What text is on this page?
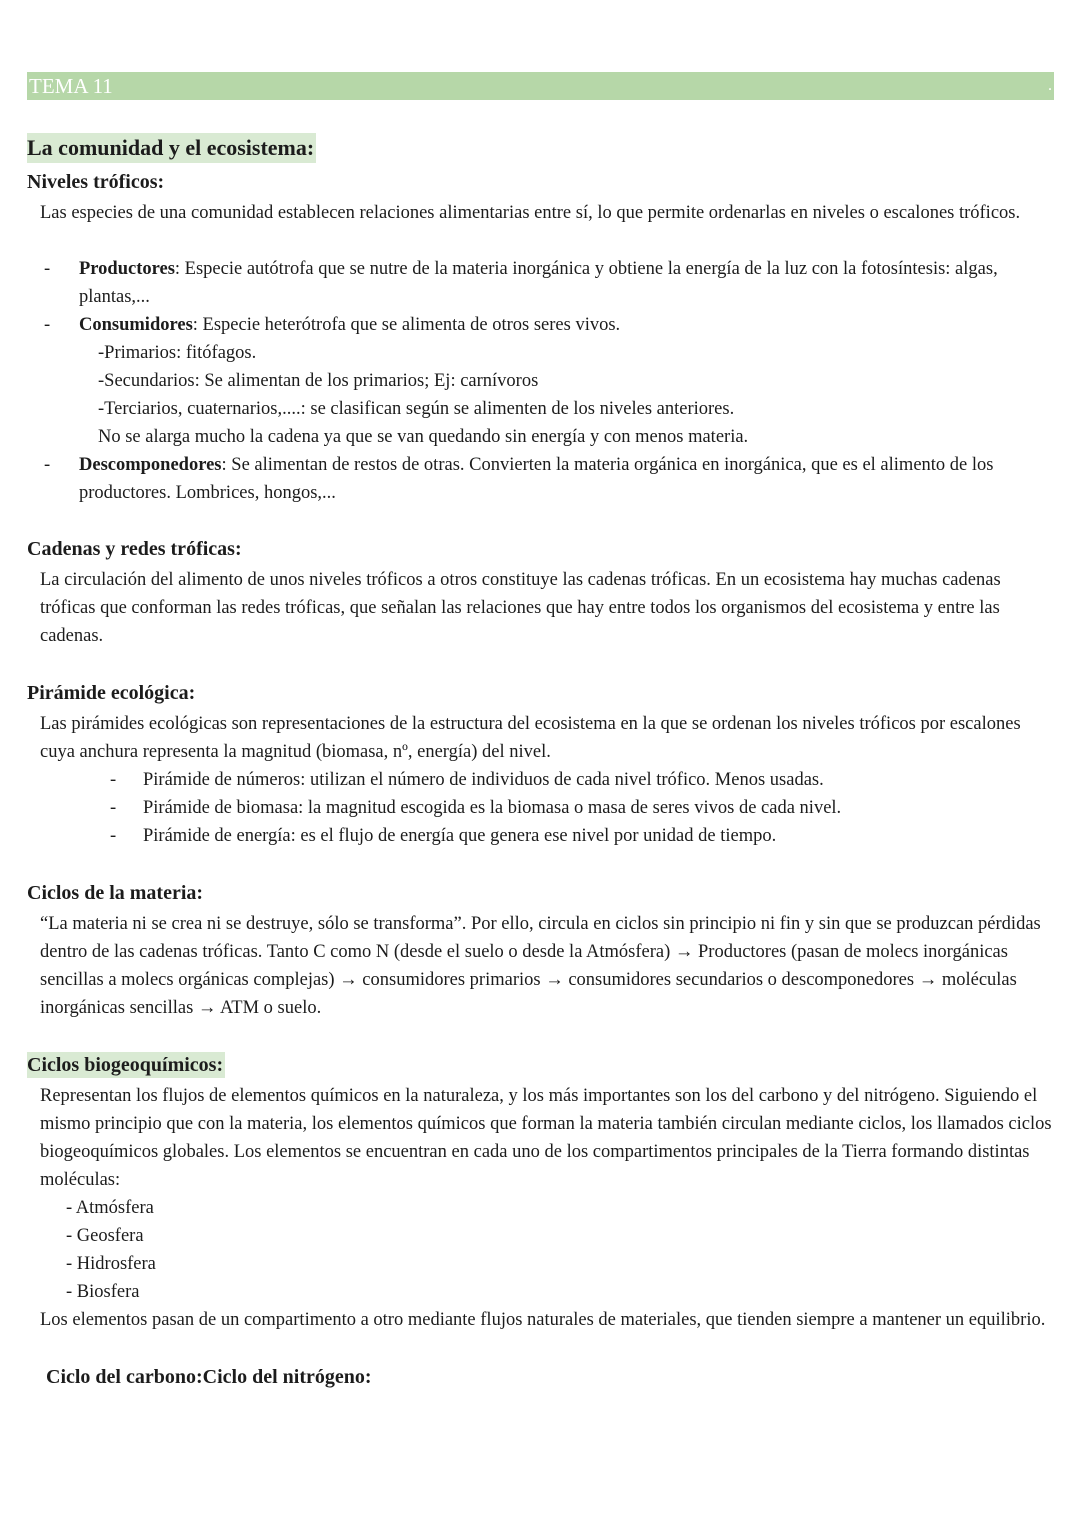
TEMA 11	.
La comunidad y el ecosistema:
Niveles tróficos:
Las especies de una comunidad establecen relaciones alimentarias entre sí, lo que permite ordenarlas en niveles o escalones tróficos.
- Productores: Especie autótrofa que se nutre de la materia inorgánica y obtiene la energía de la luz con la fotosíntesis: algas, plantas,...
- Consumidores: Especie heterótrofa que se alimenta de otros seres vivos.
-Primarios: fitófagos.
-Secundarios: Se alimentan de los primarios; Ej: carnívoros
-Terciarios, cuaternarios,....: se clasifican según se alimenten de los niveles anteriores.
No se alarga mucho la cadena ya que se van quedando sin energía y con menos materia.
- Descomponedores: Se alimentan de restos de otras. Convierten la materia orgánica en inorgánica, que es el alimento de los productores. Lombrices, hongos,...
Cadenas y redes tróficas:
La circulación del alimento de unos niveles tróficos a otros constituye las cadenas tróficas. En un ecosistema hay muchas cadenas tróficas que conforman las redes tróficas, que señalan las relaciones que hay entre todos los organismos del ecosistema y entre las cadenas.
Pirámide ecológica:
Las pirámides ecológicas son representaciones de la estructura del ecosistema en la que se ordenan los niveles tróficos por escalones cuya anchura representa la magnitud (biomasa, nº, energía) del nivel.
- Pirámide de números: utilizan el número de individuos de cada nivel trófico. Menos usadas.
- Pirámide de biomasa: la magnitud escogida es la biomasa o masa de seres vivos de cada nivel.
- Pirámide de energía: es el flujo de energía que genera ese nivel por unidad de tiempo.
Ciclos de la materia:
“La materia ni se crea ni se destruye, sólo se transforma”. Por ello, circula en ciclos sin principio ni fin y sin que se produzcan pérdidas dentro de las cadenas tróficas. Tanto C como N (desde el suelo o desde la Atmósfera) → Productores (pasan de molecs inorgánicas sencillas a molecs orgánicas complejas) → consumidores primarios → consumidores secundarios o descomponedores → moléculas inorgánicas sencillas → ATM o suelo.
Ciclos biogeoquímicos:
Representan los flujos de elementos químicos en la naturaleza, y los más importantes son los del carbono y del nitrógeno. Siguiendo el mismo principio que con la materia, los elementos químicos que forman la materia también circulan mediante ciclos, los llamados ciclos biogeoquímicos globales. Los elementos se encuentran en cada uno de los compartimentos principales de la Tierra formando distintas moléculas:
- Atmósfera
- Geosfera
- Hidrosfera
- Biosfera
Los elementos pasan de un compartimento a otro mediante flujos naturales de materiales, que tienden siempre a mantener un equilibrio.
Ciclo del carbono:Ciclo del nitrógeno:
